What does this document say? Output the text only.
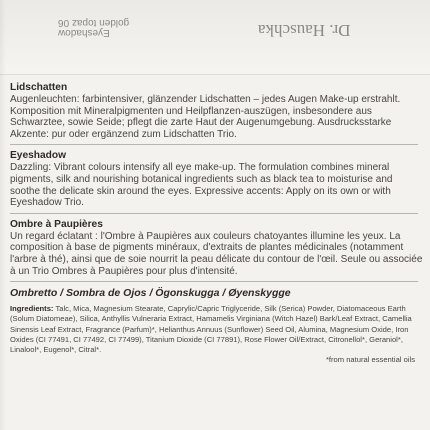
Dr. Hauschka
Eyeshadow
golden topaz 06
Lidschatten
Augenleuchten: farbintensiver, glänzender Lidschatten – jedes Augen Make-up erstrahlt. Komposition mit Mineralpigmenten und Heilpflanzen-auszügen, insbesondere aus Schwarztee, sowie Seide; pflegt die zarte Haut der Augenumgebung. Ausdrucksstarke Akzente: pur oder ergänzend zum Lidschatten Trio.
Eyeshadow
Dazzling: Vibrant colours intensify all eye make-up. The formulation combines mineral pigments, silk and nourishing botanical ingredients such as black tea to moisturise and soothe the delicate skin around the eyes. Expressive accents: Apply on its own or with Eyeshadow Trio.
Ombre à Paupières
Un regard éclatant : l'Ombre à Paupières aux couleurs chatoyantes illumine les yeux. La composition à base de pigments minéraux, d'extraits de plantes médicinales (notamment l'arbre à thé), ainsi que de soie nourrit la peau délicate du contour de l'œil. Seule ou associée à un Trio Ombres à Paupières pour plus d'intensité.
Ombretto / Sombra de Ojos / Ögonskugga / Øyenskygge
Ingredients: Talc, Mica, Magnesium Stearate, Caprylic/Capric Triglyceride, Silk (Serica) Powder, Diatomaceous Earth (Solum Diatomeae), Silica, Anthyllis Vulneraria Extract, Hamamelis Virginiana (Witch Hazel) Bark/Leaf Extract, Camellia Sinensis Leaf Extract, Fragrance (Parfum)*, Helianthus Annuus (Sunflower) Seed Oil, Alumina, Magnesium Oxide, Iron Oxides (CI 77491, CI 77492, CI 77499), Titanium Dioxide (CI 77891), Rose Flower Oil/Extract, Citronellol*, Geraniol*, Linalool*, Eugenol*, Citral*.
*from natural essential oils
